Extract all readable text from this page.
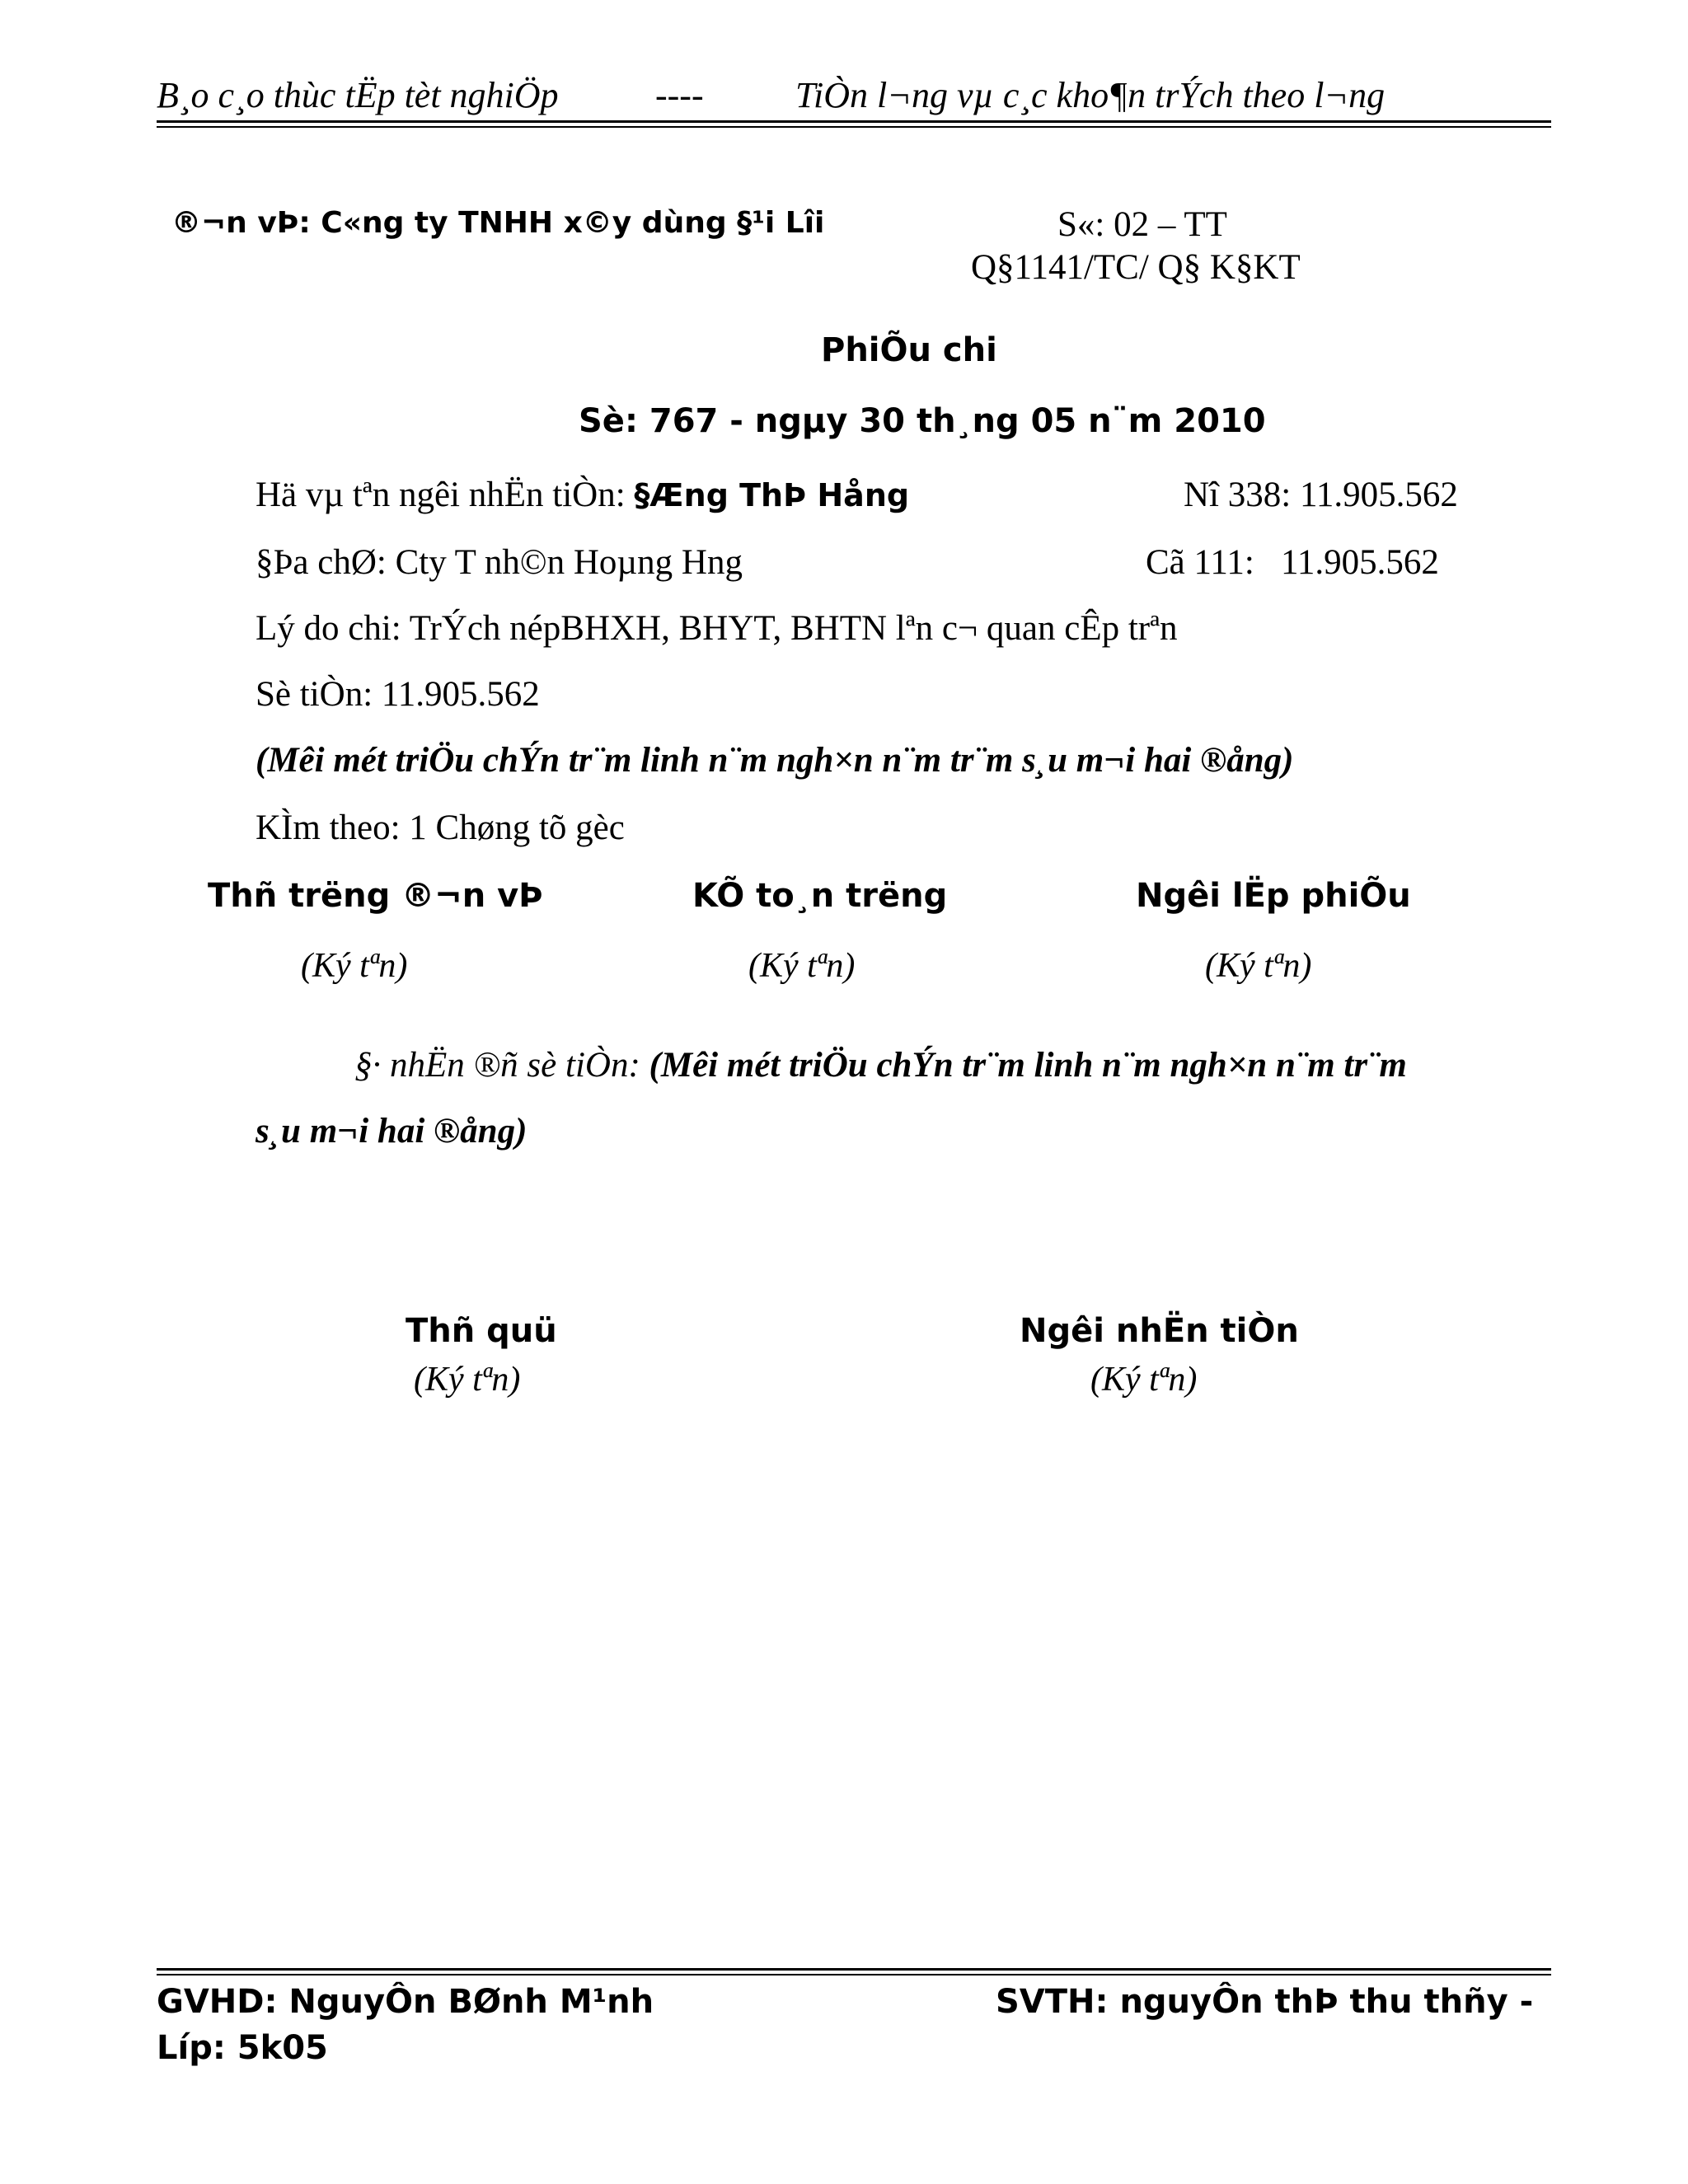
B¸o c¸o thùc tËp tèt nghiÖp	----	TiÒn l¬ng vµ c¸c kho¶n trÝch theo l¬ng
®¬n vÞ: C«ng ty TNHH x©y dùng §¹i Lîi	S«: 02 – TT
Q§1141/TC/ Q§ K§KT
PhiÕu chi
Sè: 767 - ngµy 30 th¸ng 05 n¨m 2010
Hä vµ tªn ngêi nhËn tiÒn: §Æng ThÞ Hång	Nî 338: 11.905.562
§Þa chØ: Cty T nh©n Hoµng Hng	Cã 111:   11.905.562
Lý do chi: TrÝch népBHXH, BHYT, BHTN lªn c¬ quan cÊp trªn
Sè tiÒn: 11.905.562
(Mêi mét triÖu chÝn tr¨m linh n¨m ngh×n n¨m tr¨m s¸u m¬i hai ®ång)
KÌm theo: 1 Chøng tõ gèc
Thñ trëng ®¬n vÞ	KÕ to¸n trëng	Ngêi lËp phiÕu
(Ký tªn)	(Ký tªn)	(Ký tªn)
§· nhËn ®ñ sè tiÒn: (Mêi mét triÖu chÝn tr¨m linh n¨m ngh×n n¨m tr¨m
s¸u m¬i hai ®ång)
Thñ quü	Ngêi nhËn tiÒn
(Ký tªn)	(Ký tªn)
GVHD: NguyÔn BØnh M¹nh	SVTH: nguyÔn thÞ thu thñy -
Líp: 5k05
